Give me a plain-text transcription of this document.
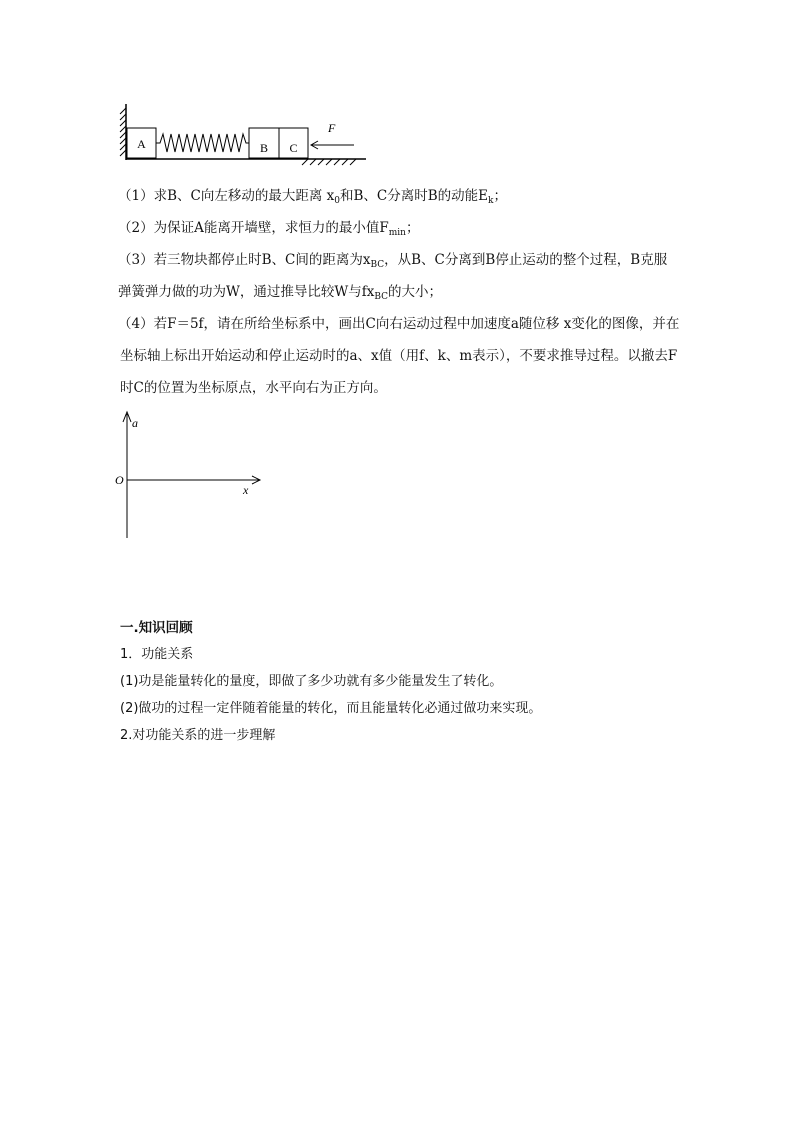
A	B C
F
（1）求B、C向左移动的最大距离 $x_0$和B、C分离时B的动能$E_k$；
（2）为保证A能离开墙壁，求恒力的最小值$F_{min}$；
（3）若三物块都停止时B、C间的距离为$x_{BC}$，从B、C分离到B停止运动的整个过程，B克服
弹簧弹力做的功为W，通过推导比较W与$fx_{BC}$的大小；
（4）若F＝5f，请在所给坐标系中，画出C向右运动过程中加速度a随位移 x变化的图像，并在
坐标轴上标出开始运动和停止运动时的a、x值（用f、k、m表示），不要求推导过程。以撤去F
时C的位置为坐标原点，水平向右为正方向。
a
x
O
一.知识回顾
1．功能关系
(1)功是能量转化的量度，即做了多少功就有多少能量发生了转化。
(2)做功的过程一定伴随着能量的转化，而且能量转化必通过做功来实现。
2.对功能关系的进一步理解
